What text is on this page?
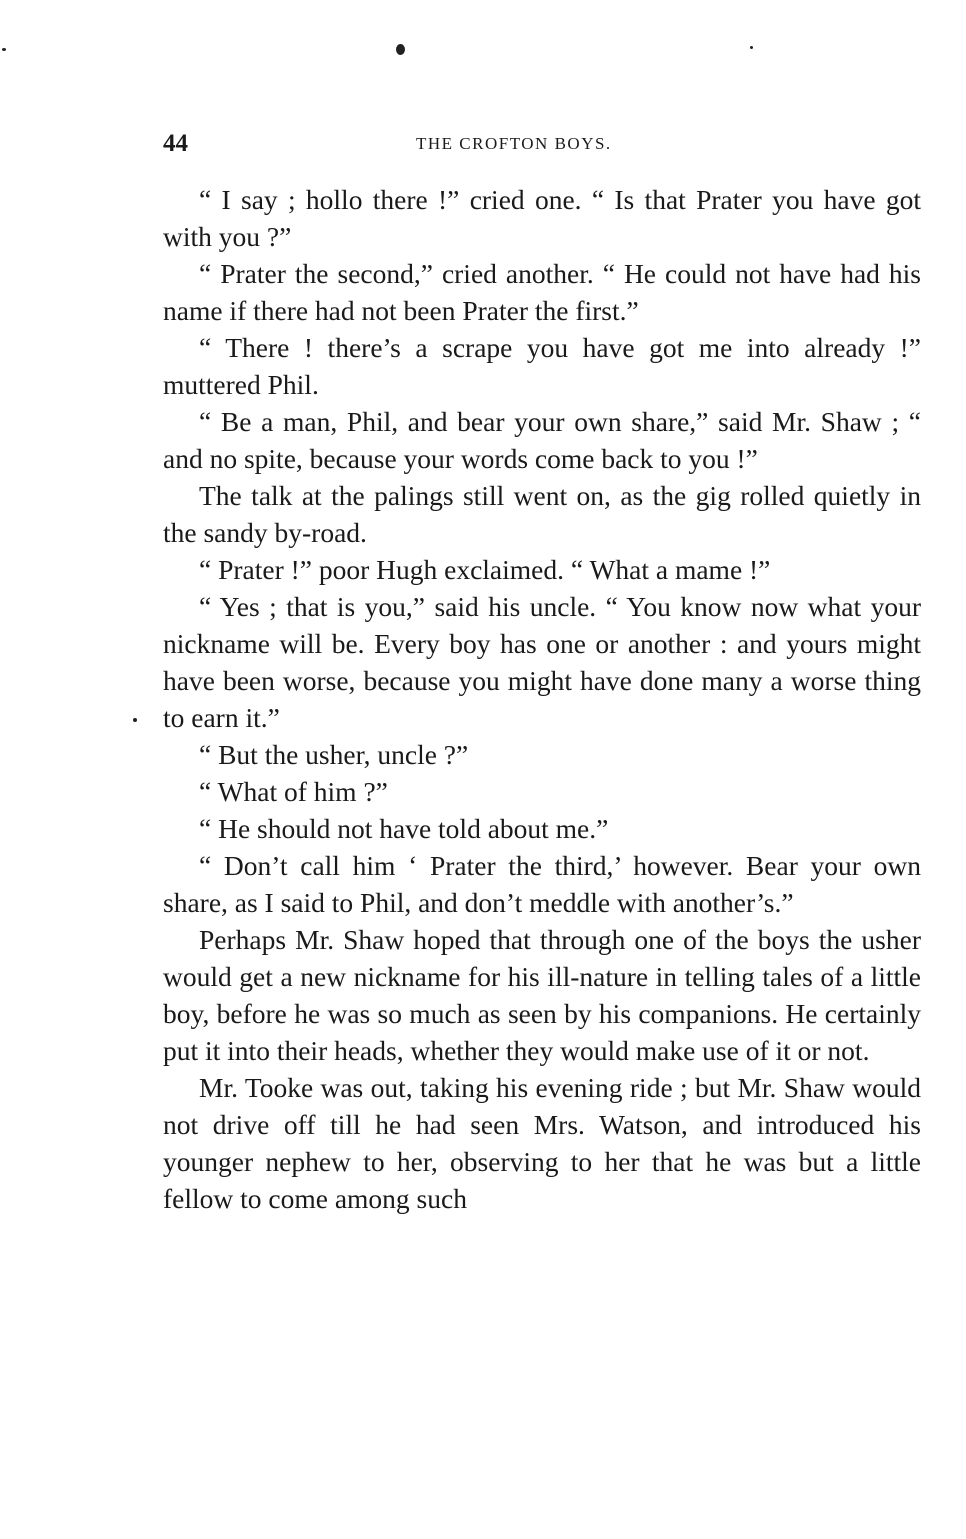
44	THE CROFTON BOYS.

“ I say ; hollo there !” cried one. “ Is that Prater you have got with you ?”

“ Prater the second,” cried another. “ He could not have had his name if there had not been Prater the first.”

“ There ! there’s a scrape you have got me into already !” muttered Phil.

“ Be a man, Phil, and bear your own share,” said Mr. Shaw ; “ and no spite, because your words come back to you !”

The talk at the palings still went on, as the gig rolled quietly in the sandy by-road.

“ Prater !” poor Hugh exclaimed. “ What a mame !”

“ Yes ; that is you,” said his uncle. “ You know now what your nickname will be. Every boy has one or another : and yours might have been worse, because you might have done many a worse thing to earn it.”

“ But the usher, uncle ?”

“ What of him ?”

“ He should not have told about me.”

“ Don’t call him ‘ Prater the third,’ however. Bear your own share, as I said to Phil, and don’t meddle with another’s.”

Perhaps Mr. Shaw hoped that through one of the boys the usher would get a new nickname for his ill-nature in telling tales of a little boy, before he was so much as seen by his companions. He certainly put it into their heads, whether they would make use of it or not.

Mr. Tooke was out, taking his evening ride ; but Mr. Shaw would not drive off till he had seen Mrs. Watson, and introduced his younger nephew to her, observing to her that he was but a little fellow to come among such
